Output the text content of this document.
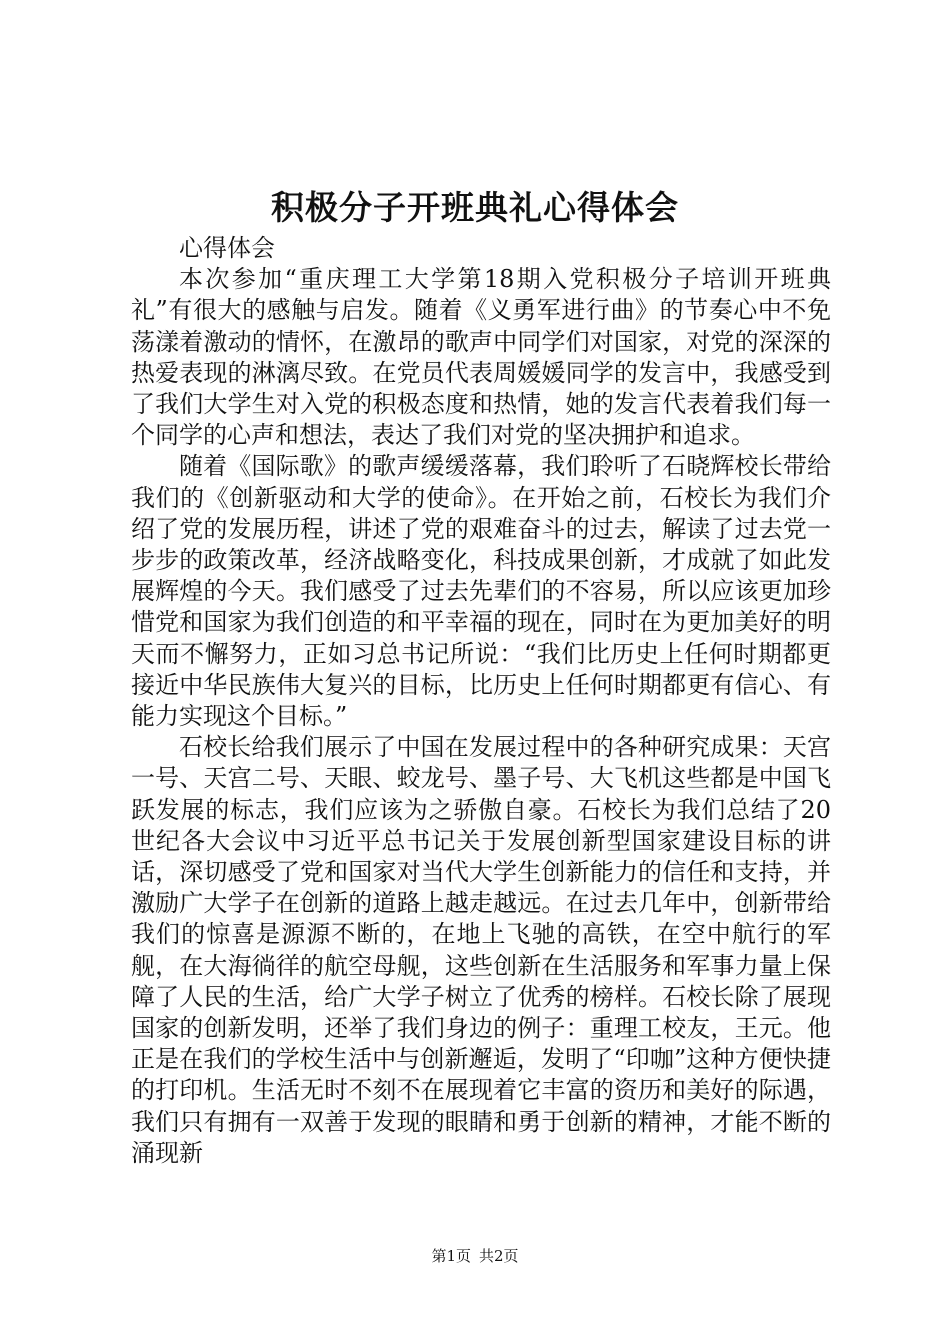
积极分子开班典礼心得体会

心得体会

本次参加“重庆理工大学第18期入党积极分子培训开班典礼”有很大的感触与启发。随着《义勇军进行曲》的节奏心中不免荡漾着激动的情怀，在激昂的歌声中同学们对国家，对党的深深的热爱表现的淋漓尽致。在党员代表周媛媛同学的发言中，我感受到了我们大学生对入党的积极态度和热情，她的发言代表着我们每一个同学的心声和想法，表达了我们对党的坚决拥护和追求。

随着《国际歌》的歌声缓缓落幕，我们聆听了石晓辉校长带给我们的《创新驱动和大学的使命》。在开始之前，石校长为我们介绍了党的发展历程，讲述了党的艰难奋斗的过去，解读了过去党一步步的政策改革，经济战略变化，科技成果创新，才成就了如此发展辉煌的今天。我们感受了过去先辈们的不容易，所以应该更加珍惜党和国家为我们创造的和平幸福的现在，同时在为更加美好的明天而不懈努力，正如习总书记所说：“我们比历史上任何时期都更接近中华民族伟大复兴的目标，比历史上任何时期都更有信心、有能力实现这个目标。”

石校长给我们展示了中国在发展过程中的各种研究成果：天宫一号、天宫二号、天眼、蛟龙号、墨子号、大飞机这些都是中国飞跃发展的标志，我们应该为之骄傲自豪。石校长为我们总结了20世纪各大会议中习近平总书记关于发展创新型国家建设目标的讲话，深切感受了党和国家对当代大学生创新能力的信任和支持，并激励广大学子在创新的道路上越走越远。在过去几年中，创新带给我们的惊喜是源源不断的，在地上飞驰的高铁，在空中航行的军舰，在大海徜徉的航空母舰，这些创新在生活服务和军事力量上保障了人民的生活，给广大学子树立了优秀的榜样。石校长除了展现国家的创新发明，还举了我们身边的例子：重理工校友，王元。他正是在我们的学校生活中与创新邂逅，发明了“印咖”这种方便快捷的打印机。生活无时不刻不在展现着它丰富的资历和美好的际遇，我们只有拥有一双善于发现的眼睛和勇于创新的精神，才能不断的涌现新

第1页 共2页
